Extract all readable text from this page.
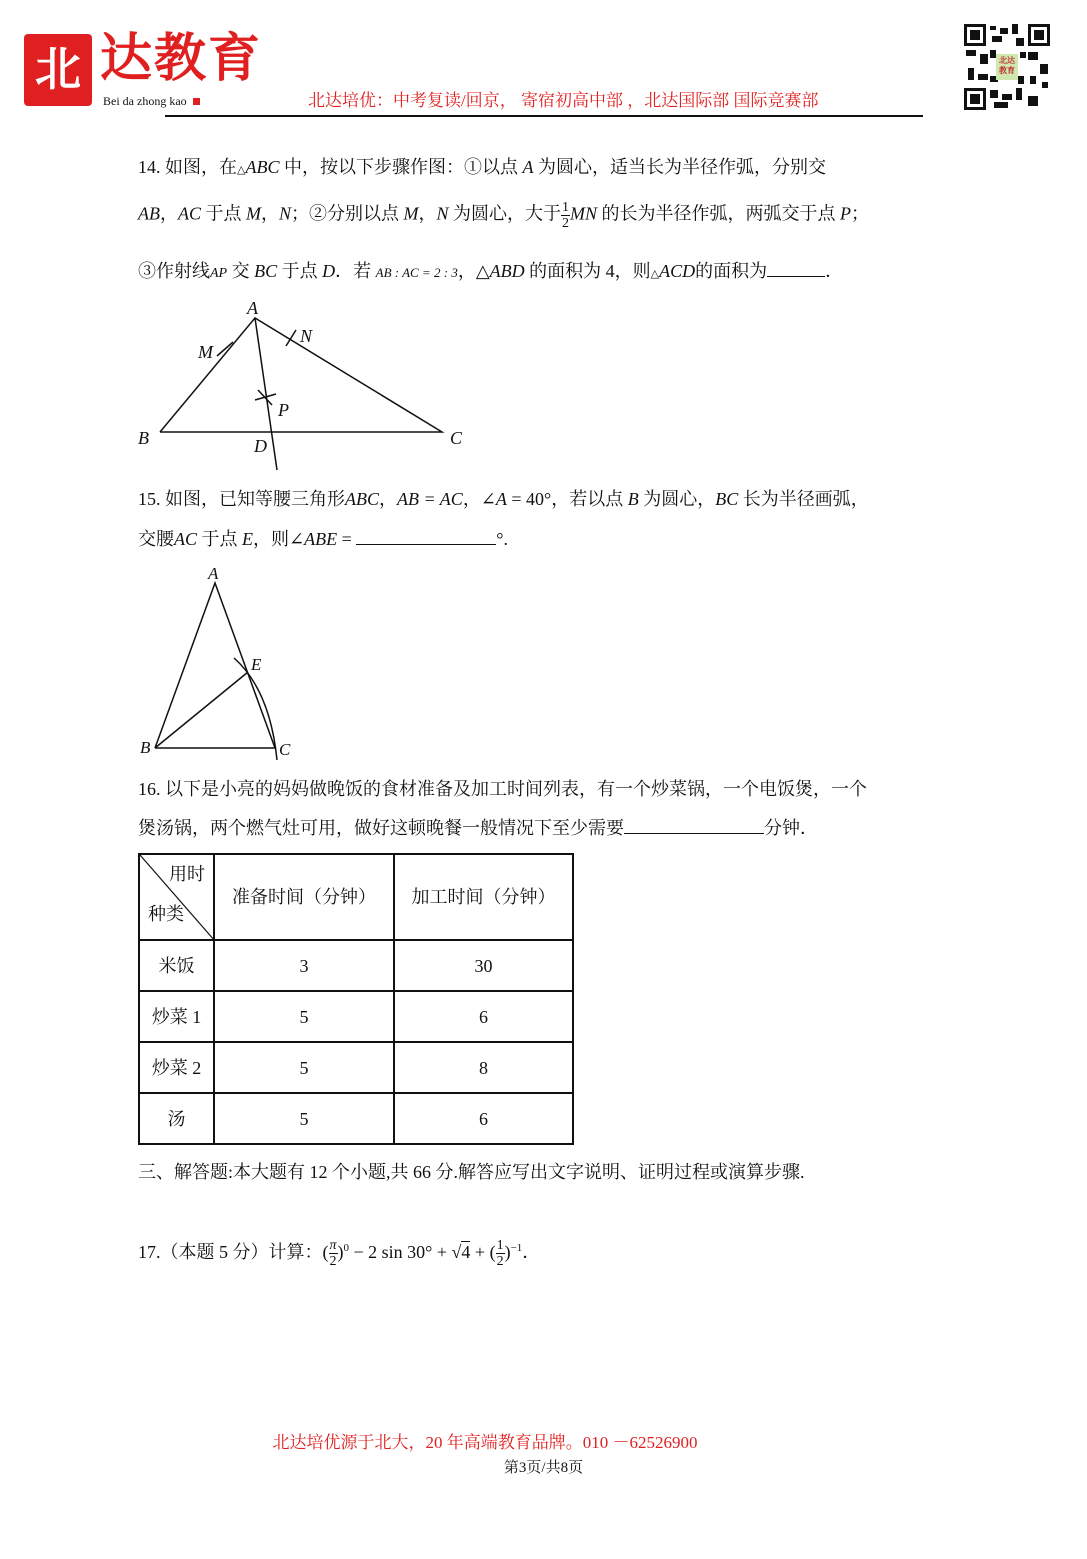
北 达教育
Bei da zhong kao	北达培优：中考复读/回京， 寄宿初高中部 ，北达国际部 国际竞赛部
北达教育
14. 如图，在△ABC 中，按以下步骤作图：①以点 A 为圆心，适当长为半径作弧，分别交
AB，AC 于点 M，N；②分别以点 M，N 为圆心，大于 $\frac{1}{2}$ MN 的长为半径作弧，两弧交于点 P；
③作射线AP 交 BC 于点 D．若 AB : AC = 2 : 3，△ABD 的面积为 4，则△ACD的面积为	．
A
B	C
D
M
N
P
15. 如图，已知等腰三角形ABC，AB = AC，∠A = 40°，若以点 B 为圆心，BC 长为半径画弧，
交腰AC 于点 E，则∠ABE =	°.
A
B	C
E
16. 以下是小亮的妈妈做晚饭的食材准备及加工时间列表，有一个炒菜锅，一个电饭煲，一个
煲汤锅，两个燃气灶可用，做好这顿晚餐一般情况下至少需要	分钟．
用时
种类	准备时间（分钟）	加工时间（分钟）
米饭	3	30
炒菜 1	5	6
炒菜 2	5	8
汤	5	6
三、解答题:本大题有 12 个小题,共 66 分.解答应写出文字说明、证明过程或演算步骤.
17.（本题 5 分）计算：( $\frac{\pi}{2} )^0 - 2$ sin 30° + √4 + ( $\frac{1}{2} )^{-1}$．
北达培优源于北大，20 年高端教育品牌。010 －62526900
第3页/共8页
